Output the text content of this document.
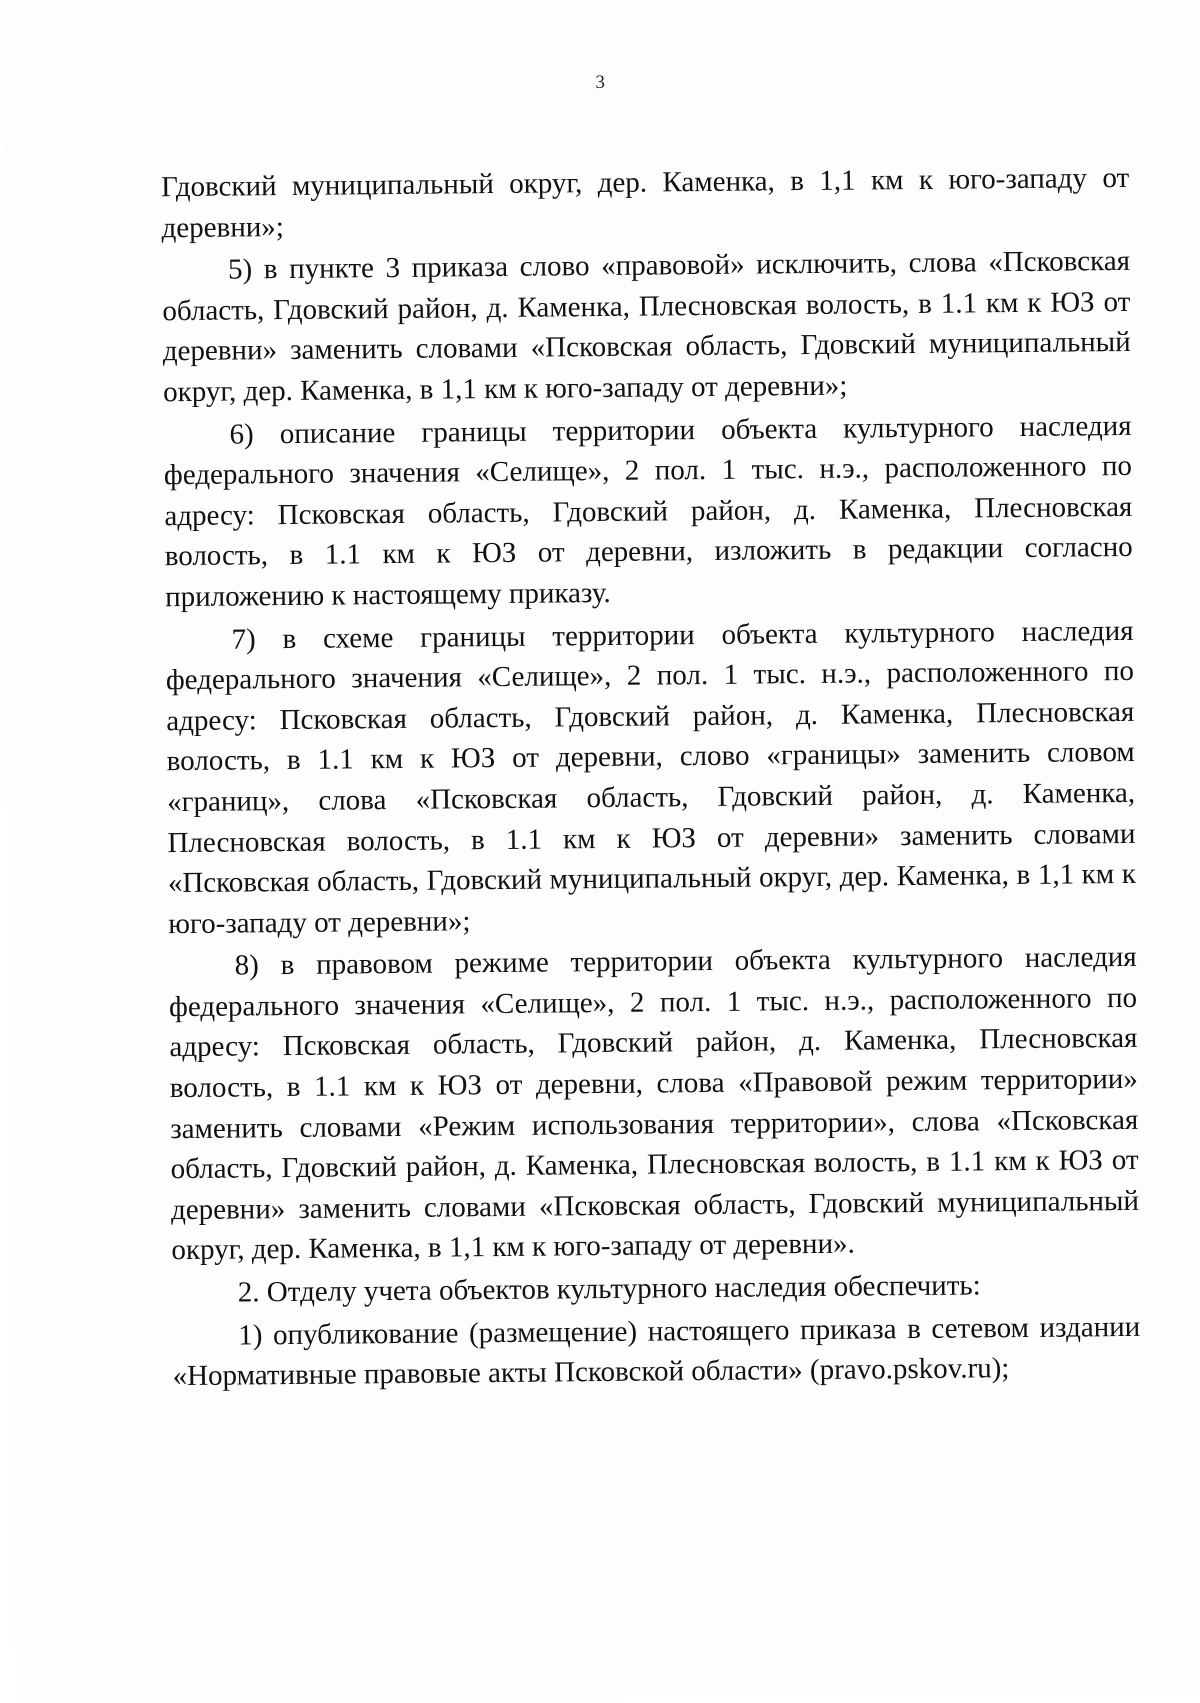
3

Гдовский муниципальный округ, дер. Каменка, в 1,1 км к юго-западу от деревни»;

5) в пункте 3 приказа слово «правовой» исключить, слова «Псковская область, Гдовский район, д. Каменка, Плесновская волость, в 1.1 км к ЮЗ от деревни» заменить словами «Псковская область, Гдовский муниципальный округ, дер. Каменка, в 1,1 км к юго-западу от деревни»;

6) описание границы территории объекта культурного наследия федерального значения «Селище», 2 пол. 1 тыс. н.э., расположенного по адресу: Псковская область, Гдовский район, д. Каменка, Плесновская волость, в 1.1 км к ЮЗ от деревни, изложить в редакции согласно приложению к настоящему приказу.

7) в схеме границы территории объекта культурного наследия федерального значения «Селище», 2 пол. 1 тыс. н.э., расположенного по адресу: Псковская область, Гдовский район, д. Каменка, Плесновская волость, в 1.1 км к ЮЗ от деревни, слово «границы» заменить словом «границ», слова «Псковская область, Гдовский район, д. Каменка, Плесновская волость, в 1.1 км к ЮЗ от деревни» заменить словами «Псковская область, Гдовский муниципальный округ, дер. Каменка, в 1,1 км к юго-западу от деревни»;

8) в правовом режиме территории объекта культурного наследия федерального значения «Селище», 2 пол. 1 тыс. н.э., расположенного по адресу: Псковская область, Гдовский район, д. Каменка, Плесновская волость, в 1.1 км к ЮЗ от деревни, слова «Правовой режим территории» заменить словами «Режим использования территории», слова «Псковская область, Гдовский район, д. Каменка, Плесновская волость, в 1.1 км к ЮЗ от деревни» заменить словами «Псковская область, Гдовский муниципальный округ, дер. Каменка, в 1,1 км к юго-западу от деревни».

2. Отделу учета объектов культурного наследия обеспечить:

1) опубликование (размещение) настоящего приказа в сетевом издании «Нормативные правовые акты Псковской области» (pravo.pskov.ru);
